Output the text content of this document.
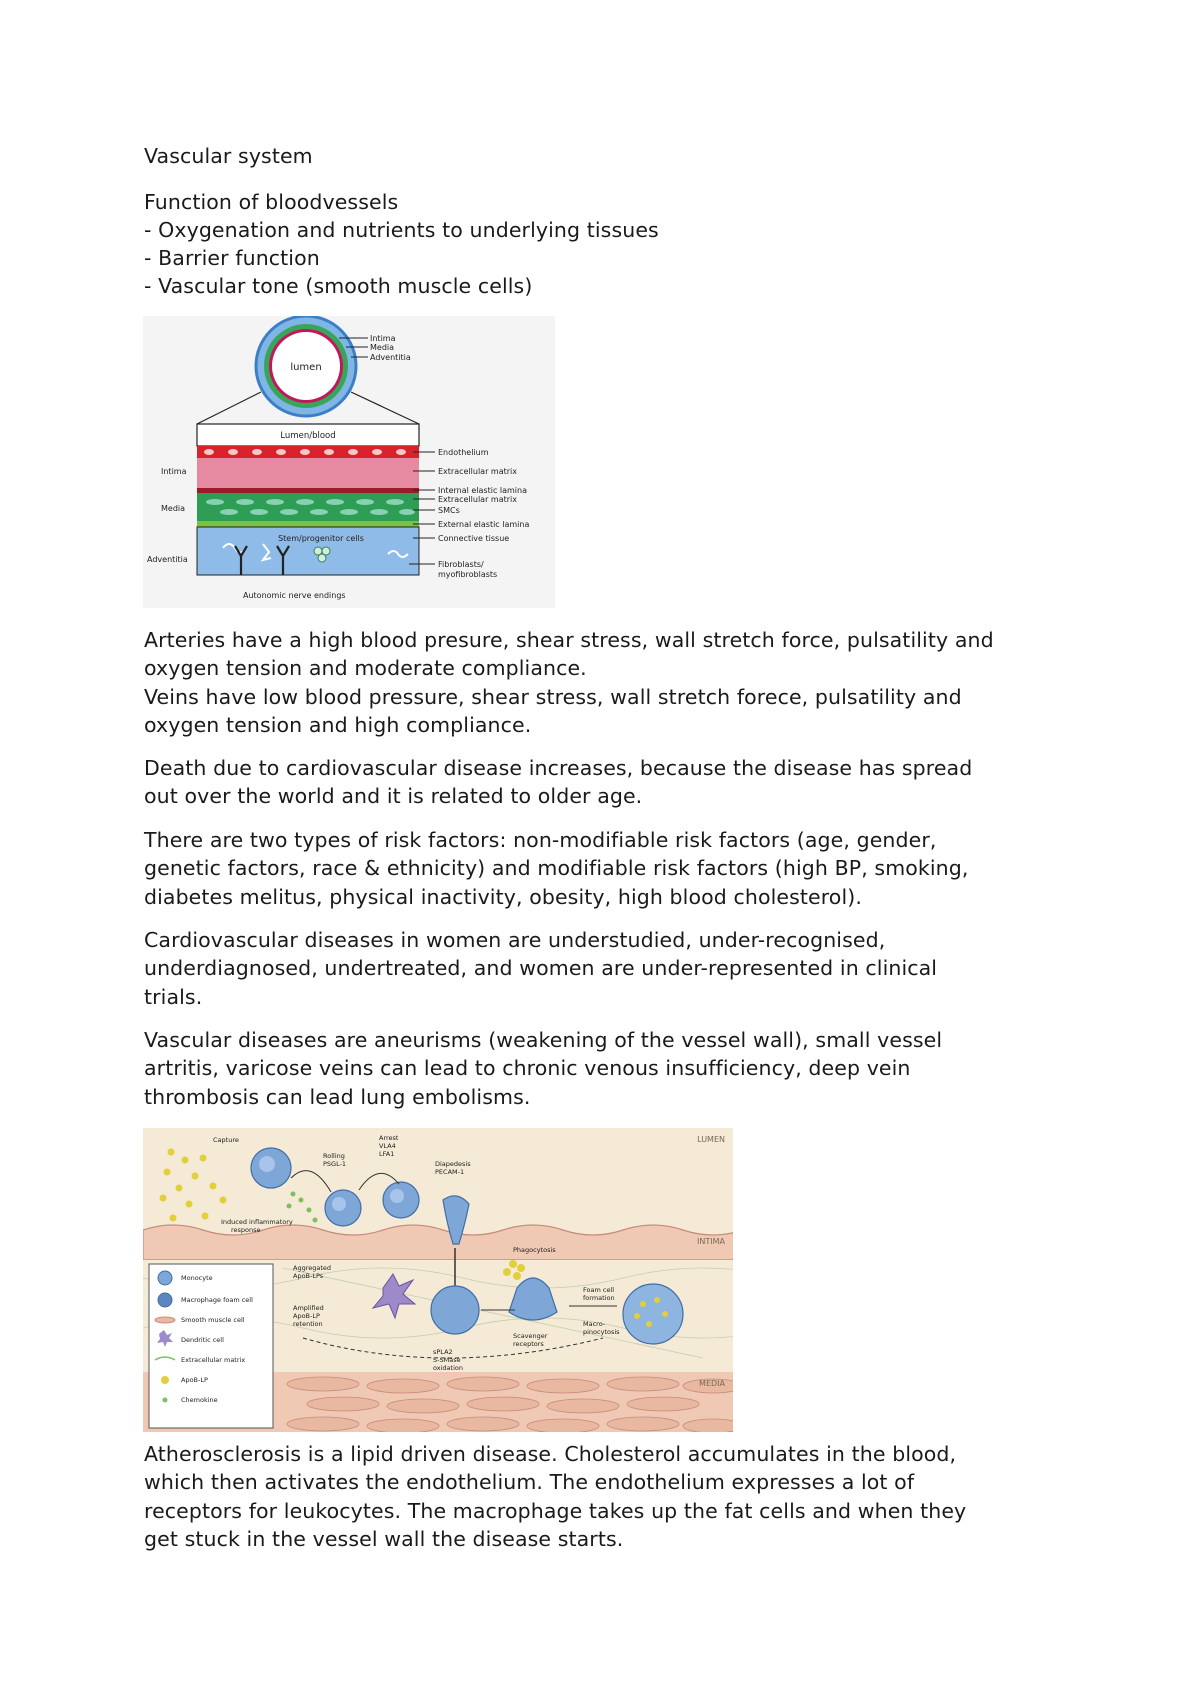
Vascular system
Function of bloodvessels
- Oxygenation and nutrients to underlying tissues
- Barrier function
- Vascular tone (smooth muscle cells)
lumen
Intima
Media
Adventitia
Lumen/blood
Stem/progenitor cells
Autonomic nerve endings
Intima
Media
Adventitia
Endothelium
Extracellular matrix
Internal elastic lamina
Extracellular matrix
SMCs
External elastic lamina
Connective tissue
Fibroblasts/
myofibroblasts
Arteries have a high blood presure, shear stress, wall stretch force, pulsatility and
oxygen tension and moderate compliance.
Veins have low blood pressure, shear stress, wall stretch forece, pulsatility and
oxygen tension and high compliance.
Death due to cardiovascular disease increases, because the disease has spread
out over the world and it is related to older age.
There are two types of risk factors: non-modifiable risk factors (age, gender,
genetic factors, race & ethnicity) and modifiable risk factors (high BP, smoking,
diabetes melitus, physical inactivity, obesity, high blood cholesterol).
Cardiovascular diseases in women are understudied, under-recognised,
underdiagnosed, undertreated, and women are under-represented in clinical
trials.
Vascular diseases are aneurisms (weakening of the vessel wall), small vessel
artritis, varicose veins can lead to chronic venous insufficiency, deep vein
thrombosis can lead lung embolisms.
LUMEN
INTIMA
MEDIA
Capture
Rolling
PSGL-1
Arrest
VLA4
LFA1
Diapedesis
PECAM-1
Phagocytosis
Foam cell
formation
Macro-
pinocytosis
Scavenger
receptors
Induced inflammatory
response
Aggregated
ApoB-LPs
Amplified
ApoB-LP
retention
sPLA2
S-SMase
oxidation
Monocyte
Macrophage foam cell
Smooth muscle cell
Dendritic cell
Extracellular matrix
ApoB-LP
Chemokine
Atherosclerosis is a lipid driven disease. Cholesterol accumulates in the blood,
which then activates the endothelium. The endothelium expresses a lot of
receptors for leukocytes. The macrophage takes up the fat cells and when they
get stuck in the vessel wall the disease starts.
